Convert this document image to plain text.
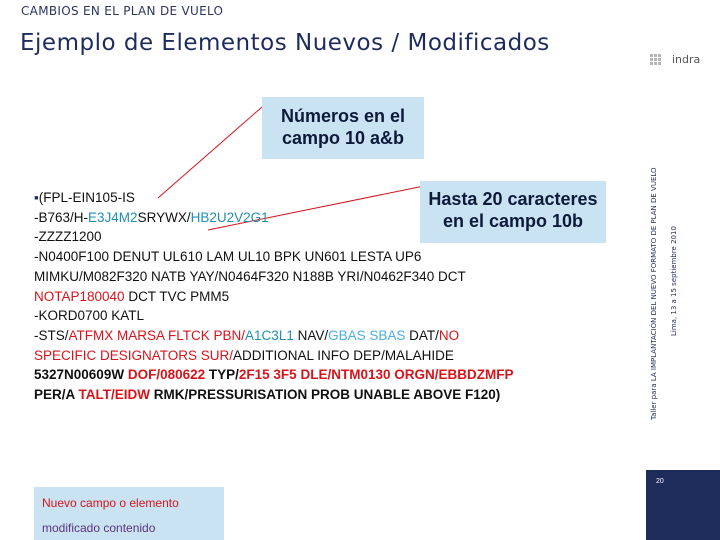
CAMBIOS EN EL PLAN DE VUELO
Ejemplo de Elementos Nuevos / Modificados
indra
Taller para LA IMPLANTACIÓN DEL NUEVO FORMATO DE PLAN DE VUELO Lima, 13 a 15 septiembre 2010
20
Números en el
campo 10 a&b
Hasta 20 caracteres
en el campo 10b
▪(FPL-EIN105-IS
-B763/H-E3J4M2SRYWX/HB2U2V2G1
-ZZZZ1200
-N0400F100 DENUT UL610 LAM UL10 BPK UN601 LESTA UP6
MIMKU/M082F320 NATB YAY/N0464F320 N188B YRI/N0462F340 DCT
NOTAP180040 DCT TVC PMM5
-KORD0700 KATL
-STS/ATFMX MARSA FLTCK PBN/A1C3L1 NAV/GBAS SBAS DAT/NO
SPECIFIC DESIGNATORS SUR/ADDITIONAL INFO DEP/MALAHIDE
5327N00609W DOF/080622 TYP/2F15 3F5 DLE/NTM0130 ORGN/EBBDZMFP
PER/A TALT/EIDW RMK/PRESSURISATION PROB UNABLE ABOVE F120)
Nuevo campo o elemento
modificado contenido
